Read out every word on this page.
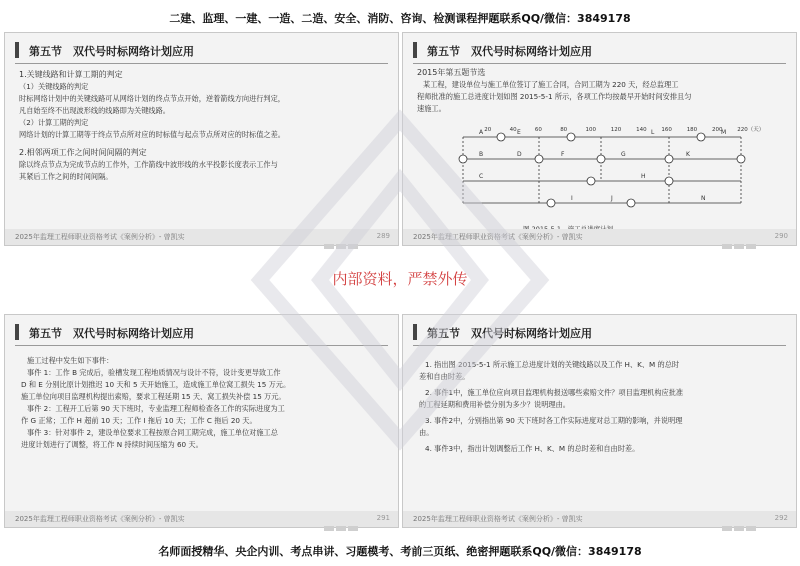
二建、监理、一建、一造、二造、安全、消防、咨询、检测课程押题联系QQ/微信：3849178
第五节　双代号时标网络计划应用

1.关键线路和计算工期的判定

（1）关键线路的判定

时标网络计划中的关键线路可从网络计划的终点节点开始，逆着箭线方向进行判定，

凡自始至终不出现波形线的线路即为关键线路。

（2）计算工期的判定

网络计划的计算工期等于终点节点所对应的时标值与起点节点所对应的时标值之差。

2.相邻两项工作之间时间间隔的判定

除以终点节点为完成节点的工作外，工作箭线中波形线的水平投影长度表示工作与

其紧后工作之间的时间间隔。

2025年监理工程师职业资格考试《案例分析》- 曾凯实	289
第五节　双代号时标网络计划应用

2015年第五题节选

某工程，建设单位与施工单位签订了施工合同，合同工期为 220 天，经总监理工

程师批准的施工总进度计划如图 2015-5-1 所示，各项工作均按最早开始时间安排且匀

速施工。

20	40	60	80	100	120	140	160	180	200	220（天）
A
B
C
D
E
F	G
H
I	J
K
L	M
N
2025年监理工程师职业资格考试《案例分析》- 曾凯实	290
内部资料，严禁外传
第五节　双代号时标网络计划应用

施工过程中发生如下事件：

事件 1：工作 B 完成后，验槽发现工程地质情况与设计不符，设计变更导致工作

D 和 E 分别比原计划推迟 10 天和 5 天开始施工，造成施工单位窝工损失 15 万元。

施工单位向项目监理机构提出索赔，要求工程延期 15 天、窝工损失补偿 15 万元。

事件 2：工程开工后第 90 天下班时，专业监理工程师检查各工作的实际进度为工

作 G 正常；工作 H 超前 10 天；工作 I 拖后 10 天；工作 C 拖后 20 天。

事件 3：针对事件 2，建设单位要求工程按原合同工期完成，施工单位对施工总

进度计划进行了调整，将工作 N 持续时间压缩为 60 天。

2025年监理工程师职业资格考试《案例分析》- 曾凯实	291
第五节　双代号时标网络计划应用

1. 指出图 2015-5-1 所示施工总进度计划的关键线路以及工作 H、K、M 的总时

差和自由时差。

2. 事件1中，施工单位应向项目监理机构报送哪些索赔文件？项目监理机构应批准

的工程延期和费用补偿分别为多少？说明理由。

3. 事件2中，分别指出第 90 天下班时各工作实际进度对总工期的影响，并说明理

由。

4. 事件3中，指出计划调整后工作 H、K、M 的总时差和自由时差。

2025年监理工程师职业资格考试《案例分析》- 曾凯实	292
名师面授精华、央企内训、考点串讲、习题模考、考前三页纸、绝密押题联系QQ/微信：3849178
